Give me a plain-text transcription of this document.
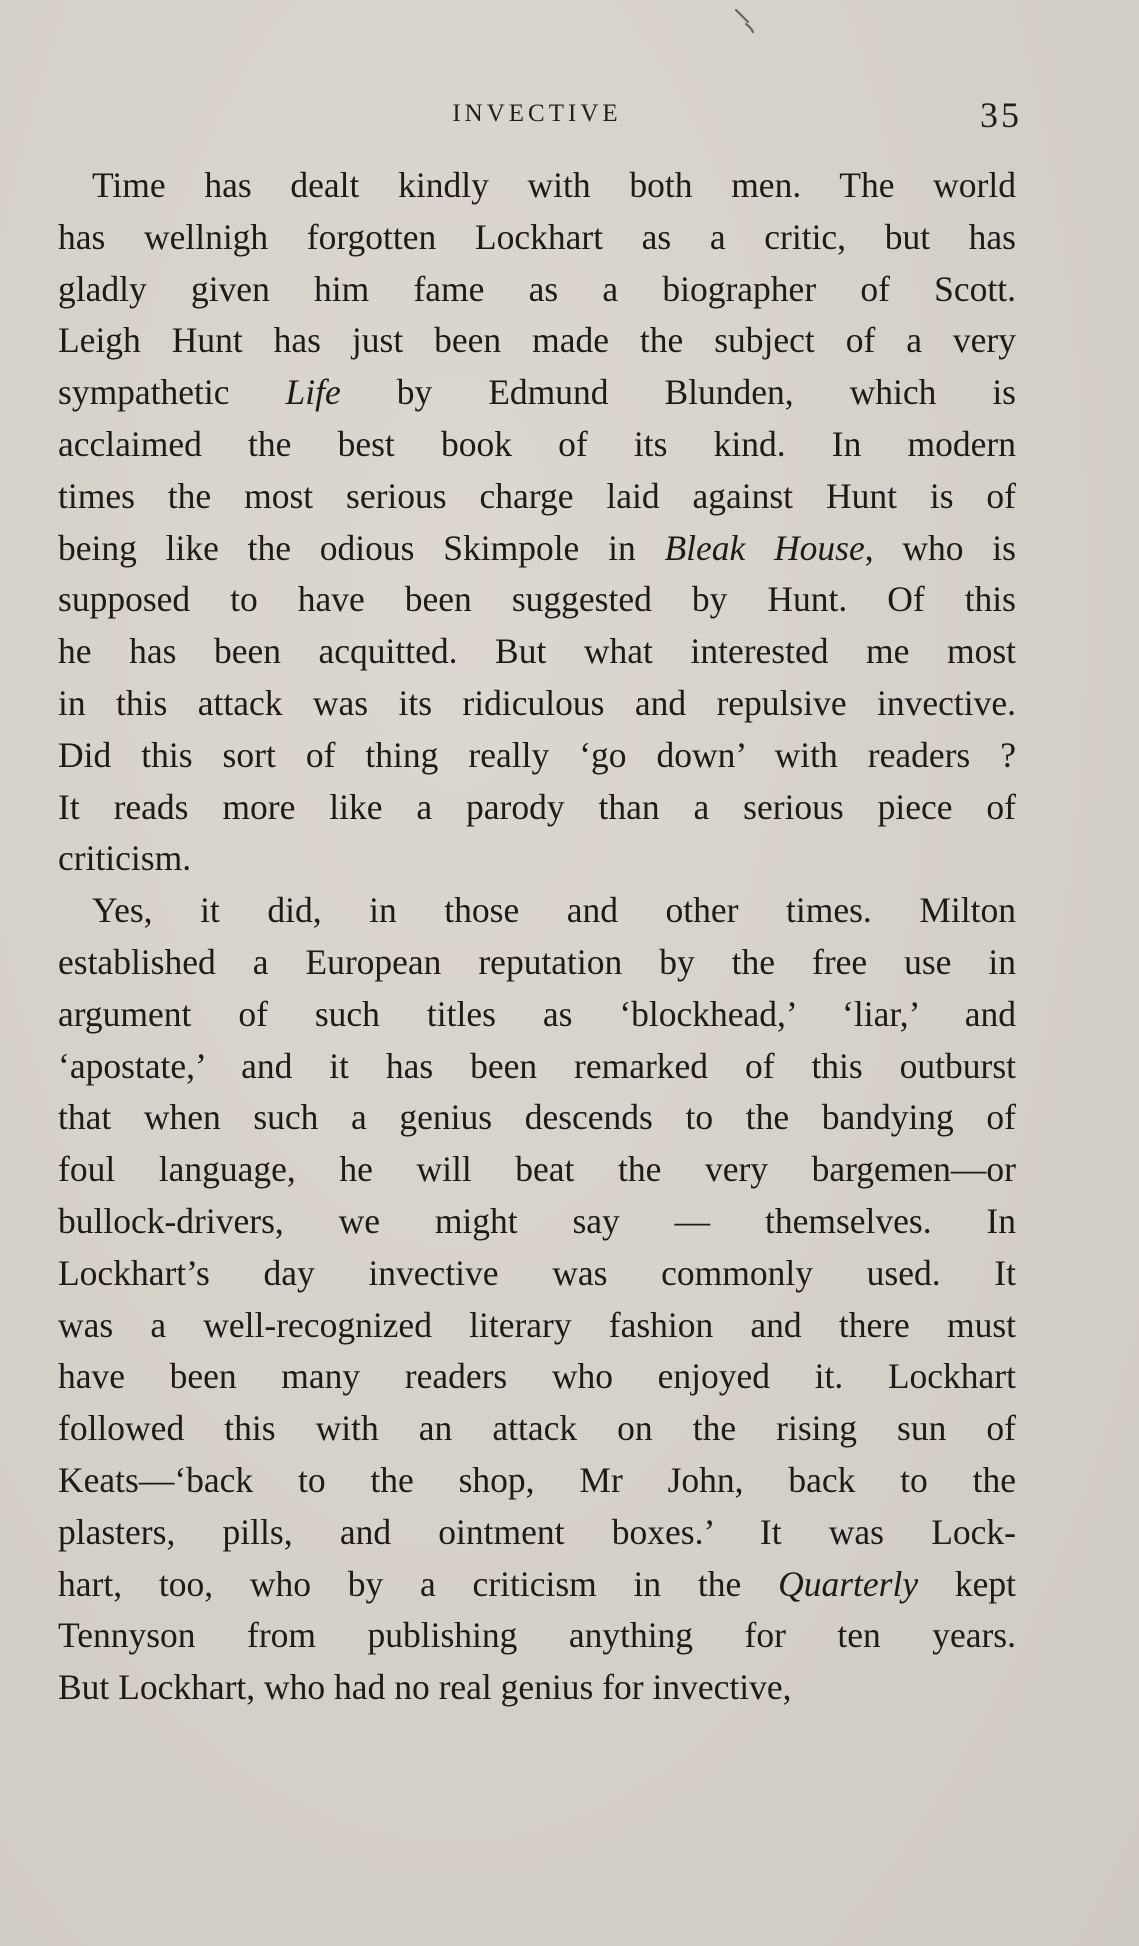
INVECTIVE	35
Time has dealt kindly with both men. The world
has wellnigh forgotten Lockhart as a critic, but has
gladly given him fame as a biographer of Scott.
Leigh Hunt has just been made the subject of a very
sympathetic Life by Edmund Blunden, which is
acclaimed the best book of its kind. In modern
times the most serious charge laid against Hunt is of
being like the odious Skimpole in Bleak House, who is
supposed to have been suggested by Hunt. Of this
he has been acquitted. But what interested me most
in this attack was its ridiculous and repulsive invective.
Did this sort of thing really ‘go down’ with readers ?
It reads more like a parody than a serious piece of
criticism.
Yes, it did, in those and other times. Milton
established a European reputation by the free use in
argument of such titles as ‘blockhead,’ ‘liar,’ and
‘apostate,’ and it has been remarked of this outburst
that when such a genius descends to the bandying of
foul language, he will beat the very bargemen—or
bullock-drivers, we might say — themselves. In
Lockhart’s day invective was commonly used. It
was a well-recognized literary fashion and there must
have been many readers who enjoyed it. Lockhart
followed this with an attack on the rising sun of
Keats—‘back to the shop, Mr John, back to the
plasters, pills, and ointment boxes.’ It was Lock-
hart, too, who by a criticism in the Quarterly kept
Tennyson from publishing anything for ten years.
But Lockhart, who had no real genius for invective,
